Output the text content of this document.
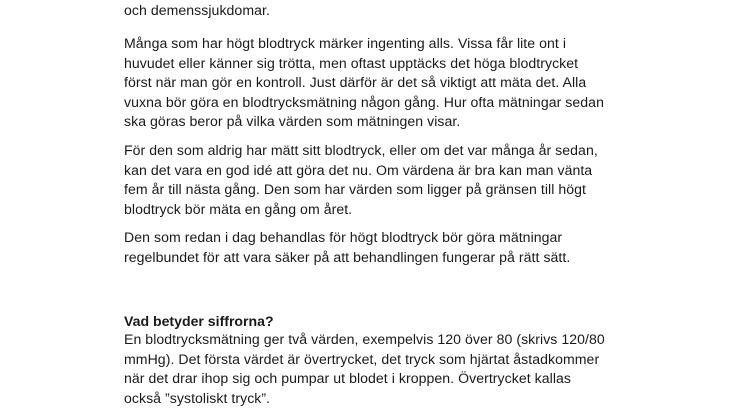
och demenssjukdomar.

Många som har högt blodtryck märker ingenting alls. Vissa får lite ont i
huvudet eller känner sig trötta, men oftast upptäcks det höga blodtrycket
först när man gör en kontroll. Just därför är det så viktigt att mäta det. Alla
vuxna bör göra en blodtrycksmätning någon gång. Hur ofta mätningar sedan
ska göras beror på vilka värden som mätningen visar.

För den som aldrig har mätt sitt blodtryck, eller om det var många år sedan,
kan det vara en god idé att göra det nu. Om värdena är bra kan man vänta
fem år till nästa gång. Den som har värden som ligger på gränsen till högt
blodtryck bör mäta en gång om året.

Den som redan i dag behandlas för högt blodtryck bör göra mätningar
regelbundet för att vara säker på att behandlingen fungerar på rätt sätt.

Vad betyder siffrorna?

En blodtrycksmätning ger två värden, exempelvis 120 över 80 (skrivs 120/80
mmHg). Det första värdet är övertrycket, det tryck som hjärtat åstadkommer
när det drar ihop sig och pumpar ut blodet i kroppen. Övertrycket kallas
också ”systoliskt tryck”.
